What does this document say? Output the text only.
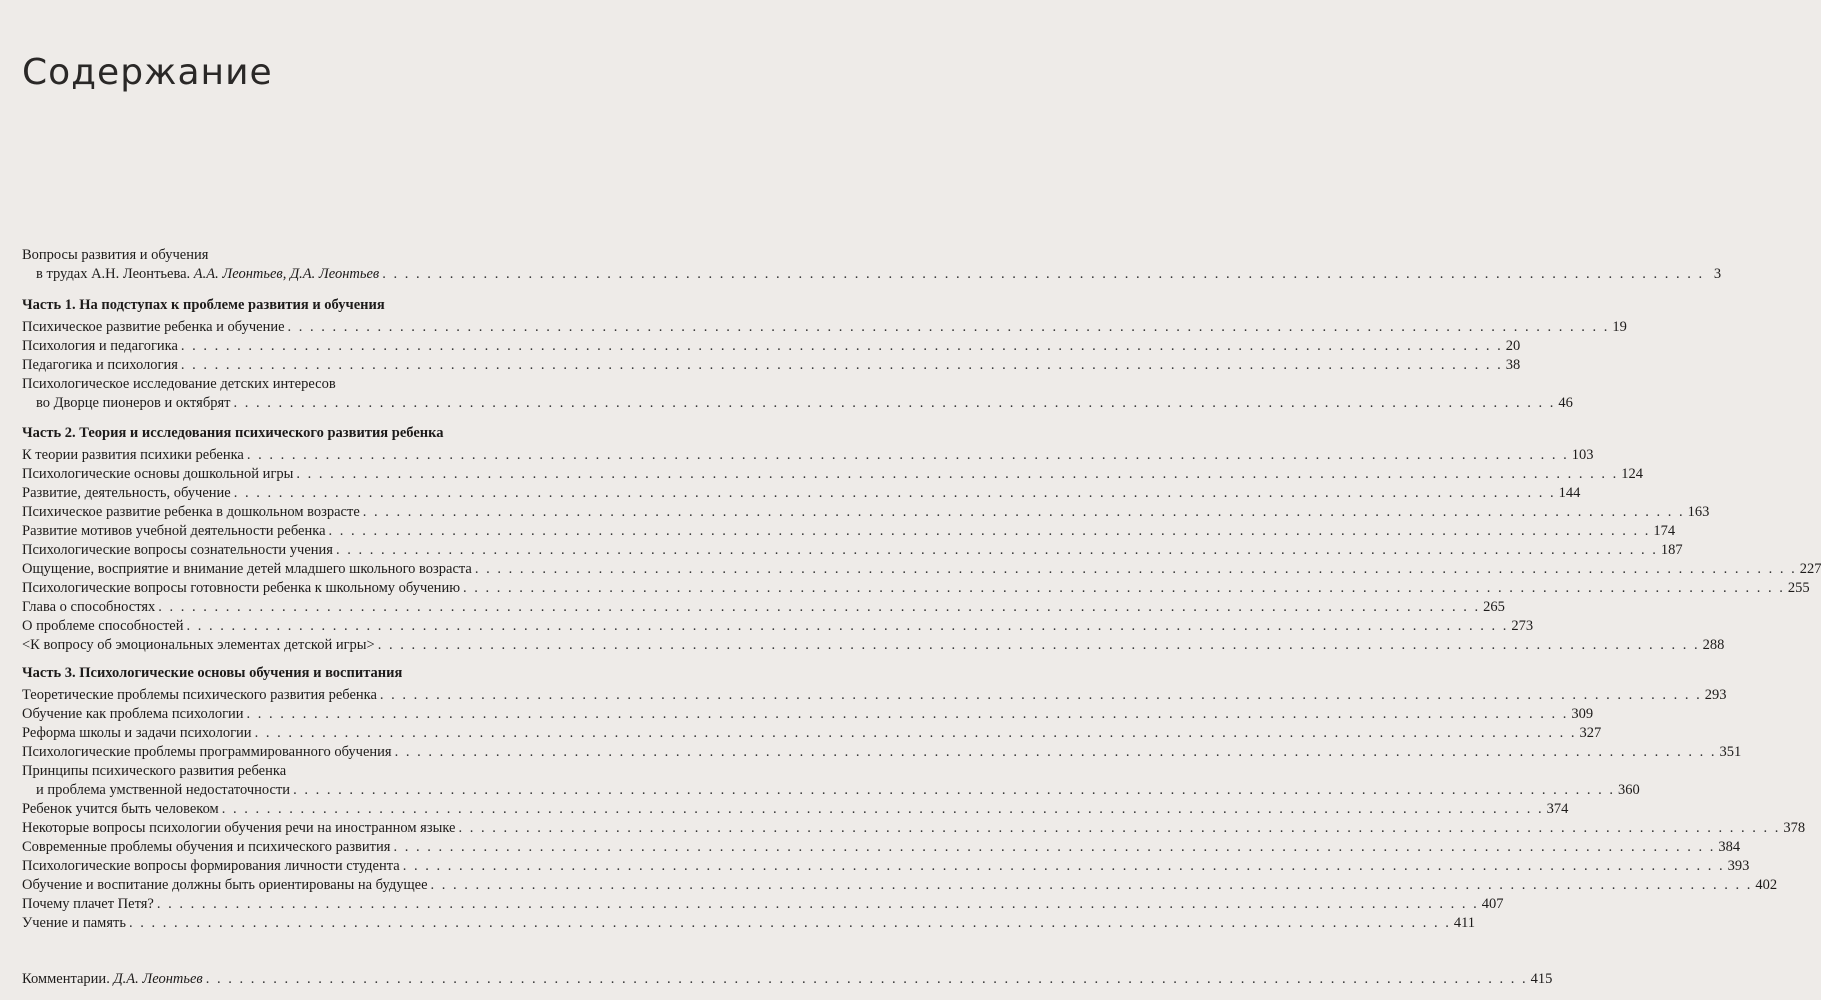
Содержание
Вопросы развития и обучения
в трудах А.Н. Леонтьева. А.А. Леонтьев, Д.А. Леонтьев . . . . . . . . . . . . . . . . . . . . . . . . . . . . . . . . . . . . . . . . . . . . . . . . . . . . . . . . . . . . . . . . . . . . . . . . . . . . . . . . . . . . . . . . . . . . . . . . . . . . . . . . . . . . . . . . . . . . . . 3
Часть 1. На подступах к проблеме развития и обучения
Психическое развитие ребенка и обучение . . . . . . . . . . . . . . . . . . . . . . . . . . . . . . . . . . . . . . . . . . . . . . . . . . . . . . . . . . . . . . . . . . . . . . . . . . . . . . . . . . . . . . . . . . . . . . . . . . . . . . . . . . . . . . . . . . . . . . 19
Психология и педагогика . . . . . . . . . . . . . . . . . . . . . . . . . . . . . . . . . . . . . . . . . . . . . . . . . . . . . . . . . . . . . . . . . . . . . . . . . . . . . . . . . . . . . . . . . . . . . . . . . . . . . . . . . . . . . . . . . . . . . . 20
Педагогика и психология . . . . . . . . . . . . . . . . . . . . . . . . . . . . . . . . . . . . . . . . . . . . . . . . . . . . . . . . . . . . . . . . . . . . . . . . . . . . . . . . . . . . . . . . . . . . . . . . . . . . . . . . . . . . . . . . . . . . . . 38
Психологическое исследование детских интересов
во Дворце пионеров и октябрят . . . . . . . . . . . . . . . . . . . . . . . . . . . . . . . . . . . . . . . . . . . . . . . . . . . . . . . . . . . . . . . . . . . . . . . . . . . . . . . . . . . . . . . . . . . . . . . . . . . . . . . . . . . . . . . . . . . . . . 46
Часть 2. Теория и исследования психического развития ребенка
К теории развития психики ребенка . . . . . . . . . . . . . . . . . . . . . . . . . . . . . . . . . . . . . . . . . . . . . . . . . . . . . . . . . . . . . . . . . . . . . . . . . . . . . . . . . . . . . . . . . . . . . . . . . . . . . . . . . . . . . . . . . . . . . . 103
Психологические основы дошкольной игры . . . . . . . . . . . . . . . . . . . . . . . . . . . . . . . . . . . . . . . . . . . . . . . . . . . . . . . . . . . . . . . . . . . . . . . . . . . . . . . . . . . . . . . . . . . . . . . . . . . . . . . . . . . . . . . . . . . . . . 124
Развитие, деятельность, обучение . . . . . . . . . . . . . . . . . . . . . . . . . . . . . . . . . . . . . . . . . . . . . . . . . . . . . . . . . . . . . . . . . . . . . . . . . . . . . . . . . . . . . . . . . . . . . . . . . . . . . . . . . . . . . . . . . . . . . . 144
Психическое развитие ребенка в дошкольном возрасте . . . . . . . . . . . . . . . . . . . . . . . . . . . . . . . . . . . . . . . . . . . . . . . . . . . . . . . . . . . . . . . . . . . . . . . . . . . . . . . . . . . . . . . . . . . . . . . . . . . . . . . . . . . . . . . . . . . . . . 163
Развитие мотивов учебной деятельности ребенка . . . . . . . . . . . . . . . . . . . . . . . . . . . . . . . . . . . . . . . . . . . . . . . . . . . . . . . . . . . . . . . . . . . . . . . . . . . . . . . . . . . . . . . . . . . . . . . . . . . . . . . . . . . . . . . . . . . . . . 174
Психологические вопросы сознательности учения . . . . . . . . . . . . . . . . . . . . . . . . . . . . . . . . . . . . . . . . . . . . . . . . . . . . . . . . . . . . . . . . . . . . . . . . . . . . . . . . . . . . . . . . . . . . . . . . . . . . . . . . . . . . . . . . . . . . . . 187
Ощущение, восприятие и внимание детей младшего школьного возраста . . . . . . . . . . . . . . . . . . . . . . . . . . . . . . . . . . . . . . . . . . . . . . . . . . . . . . . . . . . . . . . . . . . . . . . . . . . . . . . . . . . . . . . . . . . . . . . . . . . . . . . . . . . . . . . . . . . . . . 227
Психологические вопросы готовности ребенка к школьному обучению . . . . . . . . . . . . . . . . . . . . . . . . . . . . . . . . . . . . . . . . . . . . . . . . . . . . . . . . . . . . . . . . . . . . . . . . . . . . . . . . . . . . . . . . . . . . . . . . . . . . . . . . . . . . . . . . . . . . . . 255
Глава о способностях . . . . . . . . . . . . . . . . . . . . . . . . . . . . . . . . . . . . . . . . . . . . . . . . . . . . . . . . . . . . . . . . . . . . . . . . . . . . . . . . . . . . . . . . . . . . . . . . . . . . . . . . . . . . . . . . . . . . . . 265
О проблеме способностей . . . . . . . . . . . . . . . . . . . . . . . . . . . . . . . . . . . . . . . . . . . . . . . . . . . . . . . . . . . . . . . . . . . . . . . . . . . . . . . . . . . . . . . . . . . . . . . . . . . . . . . . . . . . . . . . . . . . . . 273
<К вопросу об эмоциональных элементах детской игры> . . . . . . . . . . . . . . . . . . . . . . . . . . . . . . . . . . . . . . . . . . . . . . . . . . . . . . . . . . . . . . . . . . . . . . . . . . . . . . . . . . . . . . . . . . . . . . . . . . . . . . . . . . . . . . . . . . . . . . 288
Часть 3. Психологические основы обучения и воспитания
Теоретические проблемы психического развития ребенка . . . . . . . . . . . . . . . . . . . . . . . . . . . . . . . . . . . . . . . . . . . . . . . . . . . . . . . . . . . . . . . . . . . . . . . . . . . . . . . . . . . . . . . . . . . . . . . . . . . . . . . . . . . . . . . . . . . . . . 293
Обучение как проблема психологии . . . . . . . . . . . . . . . . . . . . . . . . . . . . . . . . . . . . . . . . . . . . . . . . . . . . . . . . . . . . . . . . . . . . . . . . . . . . . . . . . . . . . . . . . . . . . . . . . . . . . . . . . . . . . . . . . . . . . . 309
Реформа школы и задачи психологии . . . . . . . . . . . . . . . . . . . . . . . . . . . . . . . . . . . . . . . . . . . . . . . . . . . . . . . . . . . . . . . . . . . . . . . . . . . . . . . . . . . . . . . . . . . . . . . . . . . . . . . . . . . . . . . . . . . . . . 327
Психологические проблемы программированного обучения . . . . . . . . . . . . . . . . . . . . . . . . . . . . . . . . . . . . . . . . . . . . . . . . . . . . . . . . . . . . . . . . . . . . . . . . . . . . . . . . . . . . . . . . . . . . . . . . . . . . . . . . . . . . . . . . . . . . . . 351
Принципы психического развития ребенка
и проблема умственной недостаточности . . . . . . . . . . . . . . . . . . . . . . . . . . . . . . . . . . . . . . . . . . . . . . . . . . . . . . . . . . . . . . . . . . . . . . . . . . . . . . . . . . . . . . . . . . . . . . . . . . . . . . . . . . . . . . . . . . . . . . 360
Ребенок учится быть человеком . . . . . . . . . . . . . . . . . . . . . . . . . . . . . . . . . . . . . . . . . . . . . . . . . . . . . . . . . . . . . . . . . . . . . . . . . . . . . . . . . . . . . . . . . . . . . . . . . . . . . . . . . . . . . . . . . . . . . . 374
Некоторые вопросы психологии обучения речи на иностранном языке . . . . . . . . . . . . . . . . . . . . . . . . . . . . . . . . . . . . . . . . . . . . . . . . . . . . . . . . . . . . . . . . . . . . . . . . . . . . . . . . . . . . . . . . . . . . . . . . . . . . . . . . . . . . . . . . . . . . . . 378
Современные проблемы обучения и психического развития . . . . . . . . . . . . . . . . . . . . . . . . . . . . . . . . . . . . . . . . . . . . . . . . . . . . . . . . . . . . . . . . . . . . . . . . . . . . . . . . . . . . . . . . . . . . . . . . . . . . . . . . . . . . . . . . . . . . . . 384
Психологические вопросы формирования личности студента . . . . . . . . . . . . . . . . . . . . . . . . . . . . . . . . . . . . . . . . . . . . . . . . . . . . . . . . . . . . . . . . . . . . . . . . . . . . . . . . . . . . . . . . . . . . . . . . . . . . . . . . . . . . . . . . . . . . . . 393
Обучение и воспитание должны быть ориентированы на будущее . . . . . . . . . . . . . . . . . . . . . . . . . . . . . . . . . . . . . . . . . . . . . . . . . . . . . . . . . . . . . . . . . . . . . . . . . . . . . . . . . . . . . . . . . . . . . . . . . . . . . . . . . . . . . . . . . . . . . . 402
Почему плачет Петя? . . . . . . . . . . . . . . . . . . . . . . . . . . . . . . . . . . . . . . . . . . . . . . . . . . . . . . . . . . . . . . . . . . . . . . . . . . . . . . . . . . . . . . . . . . . . . . . . . . . . . . . . . . . . . . . . . . . . . . 407
Учение и память . . . . . . . . . . . . . . . . . . . . . . . . . . . . . . . . . . . . . . . . . . . . . . . . . . . . . . . . . . . . . . . . . . . . . . . . . . . . . . . . . . . . . . . . . . . . . . . . . . . . . . . . . . . . . . . . . . . . . . 411
Комментарии. Д.А. Леонтьев . . . . . . . . . . . . . . . . . . . . . . . . . . . . . . . . . . . . . . . . . . . . . . . . . . . . . . . . . . . . . . . . . . . . . . . . . . . . . . . . . . . . . . . . . . . . . . . . . . . . . . . . . . . . . . . . . . . . . . 415
